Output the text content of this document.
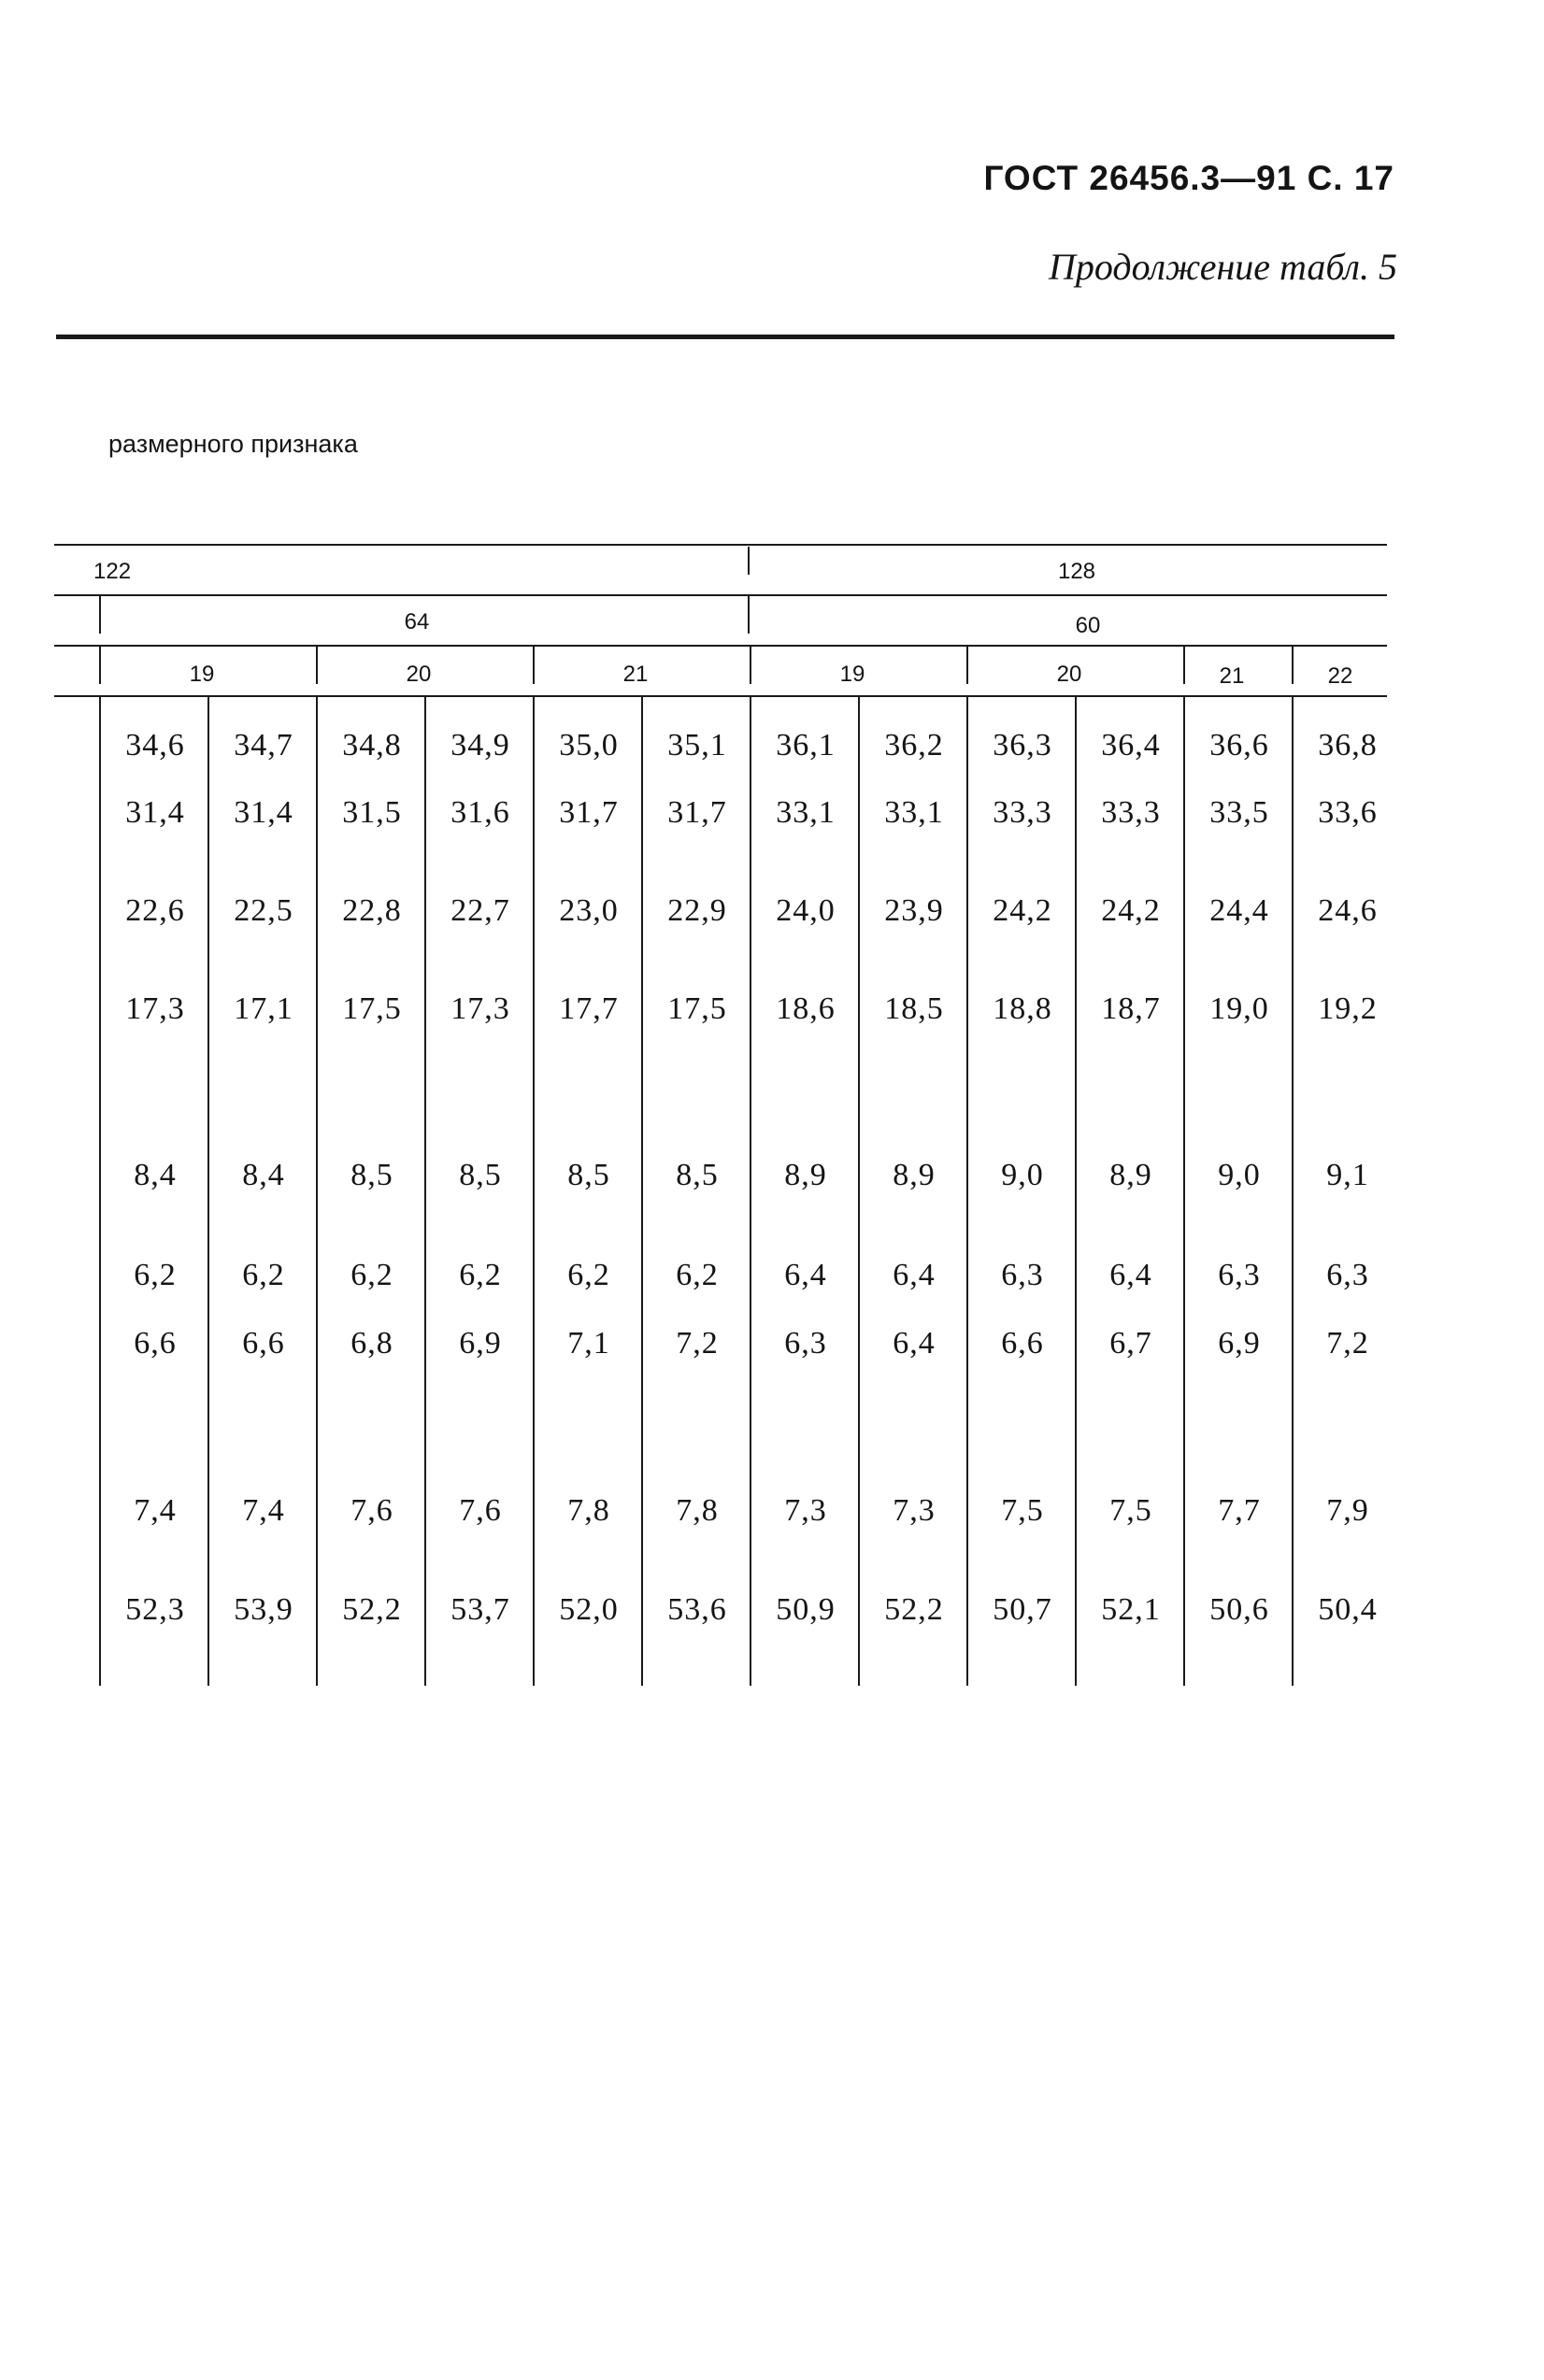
ГОСТ 26456.3—91 С. 17
Продолжение табл. 5
размерного признака
122	128
64	60
19	20	21	19	20	21	22
34,6	34,7	34,8	34,9	35,0	35,1	36,1	36,2	36,3	36,4	36,6	36,8
31,4	31,4	31,5	31,6	31,7	31,7	33,1	33,1	33,3	33,3	33,5	33,6
22,6	22,5	22,8	22,7	23,0	22,9	24,0	23,9	24,2	24,2	24,4	24,6
17,3	17,1	17,5	17,3	17,7	17,5	18,6	18,5	18,8	18,7	19,0	19,2
8,4	8,4	8,5	8,5	8,5	8,5	8,9	8,9	9,0	8,9	9,0	9,1
6,2	6,2	6,2	6,2	6,2	6,2	6,4	6,4	6,3	6,4	6,3	6,3
6,6	6,6	6,8	6,9	7,1	7,2	6,3	6,4	6,6	6,7	6,9	7,2
7,4	7,4	7,6	7,6	7,8	7,8	7,3	7,3	7,5	7,5	7,7	7,9
52,3	53,9	52,2	53,7	52,0	53,6	50,9	52,2	50,7	52,1	50,6	50,4
